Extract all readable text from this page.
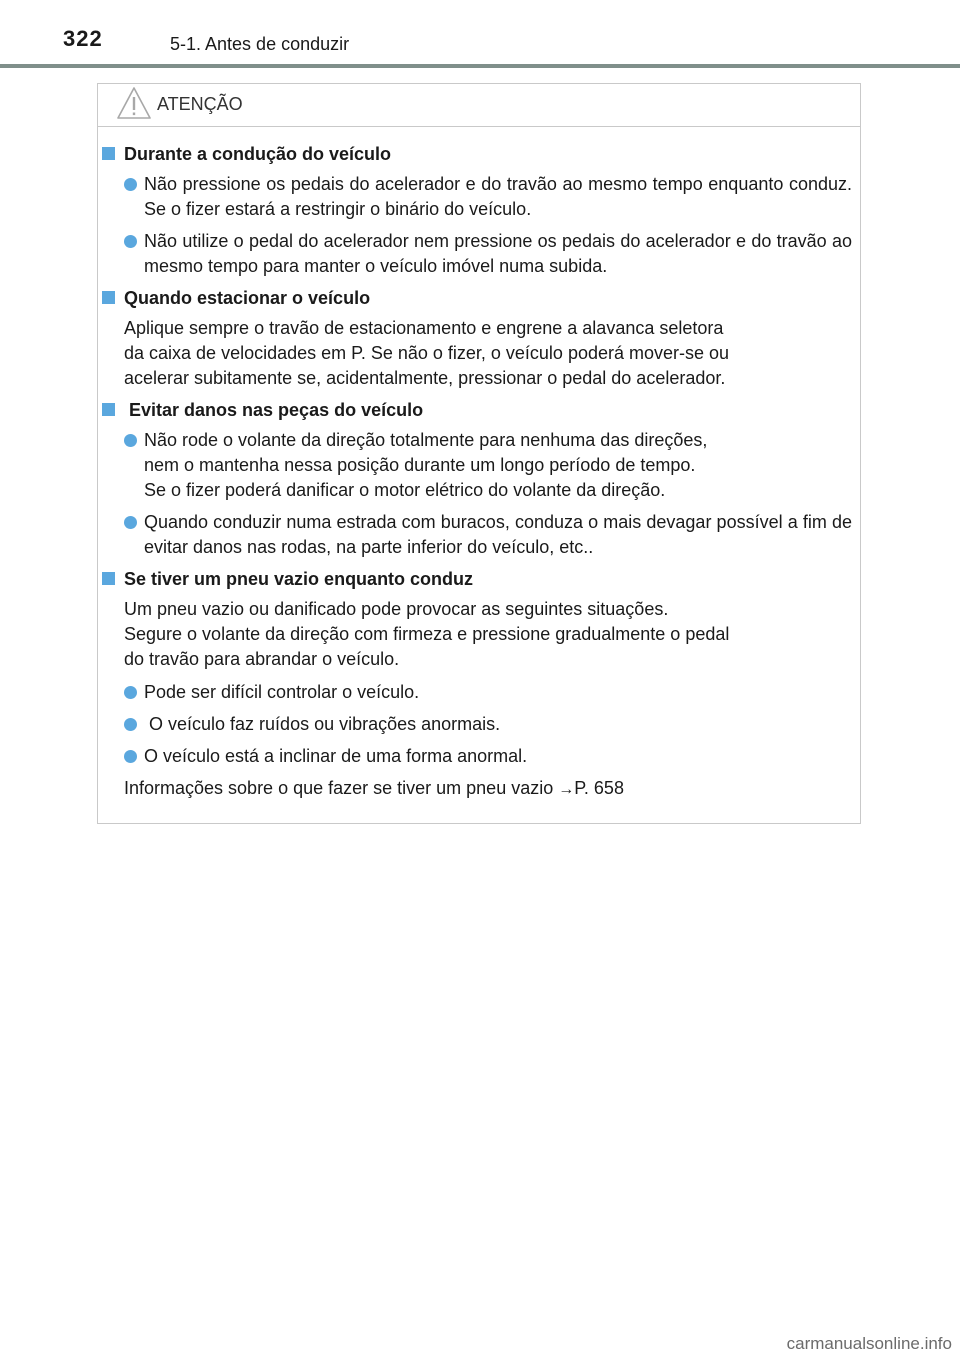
322	5-1. Antes de conduzir
ATENÇÃO
Durante a condução do veículo
Não pressione os pedais do acelerador e do travão ao mesmo tempo enquanto conduz. Se o fizer estará a restringir o binário do veículo.
Não utilize o pedal do acelerador nem pressione os pedais do acelerador e do travão ao mesmo tempo para manter o veículo imóvel numa subida.
Quando estacionar o veículo
Aplique sempre o travão de estacionamento e engrene a alavanca seletora
da caixa de velocidades em P. Se não o fizer, o veículo poderá mover-se ou
acelerar subitamente se, acidentalmente, pressionar o pedal do acelerador.
Evitar danos nas peças do veículo
Não rode o volante da direção totalmente para nenhuma das direções,
nem o mantenha nessa posição durante um longo período de tempo.
Se o fizer poderá danificar o motor elétrico do volante da direção.
Quando conduzir numa estrada com buracos, conduza o mais devagar possível a fim de evitar danos nas rodas, na parte inferior do veículo, etc..
Se tiver um pneu vazio enquanto conduz
Um pneu vazio ou danificado pode provocar as seguintes situações.
Segure o volante da direção com firmeza e pressione gradualmente o pedal
do travão para abrandar o veículo.
Pode ser difícil controlar o veículo.
O veículo faz ruídos ou vibrações anormais.
O veículo está a inclinar de uma forma anormal.
Informações sobre o que fazer se tiver um pneu vazio →P. 658
carmanualsonline.info
